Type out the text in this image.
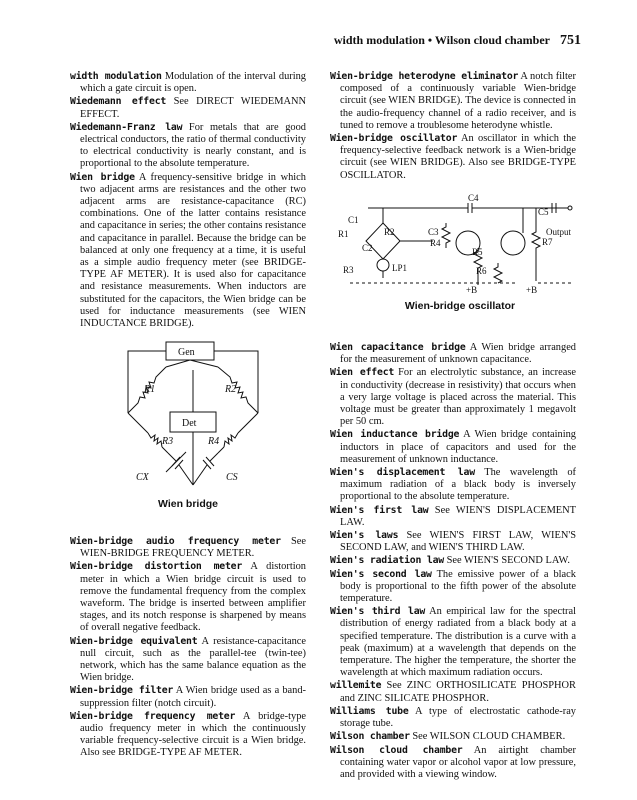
width modulation • Wilson cloud chamber 751

width modulation Modulation of the interval during which a gate circuit is open.

Wiedemann effect See DIRECT WIEDEMANN EFFECT.

Wiedemann-Franz law For metals that are good electrical conductors, the ratio of thermal conductivity to electrical conductivity is nearly constant, and is proportional to the absolute temperature.

Wien bridge A frequency-sensitive bridge in which two adjacent arms are resistances and the other two adjacent arms are resistance-capacitance (RC) combinations. One of the latter contains resistance and capacitance in series; the other contains resistance and capacitance in parallel. Because the bridge can be balanced at only one frequency at a time, it is useful as a simple audio frequency meter (see BRIDGE-TYPE AF METER). It is used also for capacitance and resistance measurements. When inductors are substituted for the capacitors, the Wien bridge can be used for inductance measurements (see WIEN INDUCTANCE BRIDGE).

Gen
Det
R1	R2
R3	R4
CX	CS
Wien bridge

Wien-bridge audio frequency meter See WIEN-BRIDGE FREQUENCY METER.

Wien-bridge distortion meter A distortion meter in which a Wien bridge circuit is used to remove the fundamental frequency from the complex waveform. The bridge is inserted between amplifier stages, and its notch response is sharpened by means of overall negative feedback.

Wien-bridge equivalent A resistance-capacitance null circuit, such as the parallel-tee (twin-tee) network, which has the same balance equation as the Wien bridge.

Wien-bridge filter A Wien bridge used as a band-suppression filter (notch circuit).

Wien-bridge frequency meter A bridge-type audio frequency meter in which the continuously variable frequency-selective circuit is a Wien bridge. Also see BRIDGE-TYPE AF METER.

Wien-bridge heterodyne eliminator A notch filter composed of a continuously variable Wien-bridge circuit (see WIEN BRIDGE). The device is connected in the audio-frequency channel of a radio receiver, and is tuned to remove a troublesome heterodyne whistle.

Wien-bridge oscillator An oscillator in which the frequency-selective feedback network is a Wien-bridge circuit (see WIEN BRIDGE). Also see BRIDGE-TYPE OSCILLATOR.

C4
C5
C1
R1	R2
C2
R3	LP1
C3
R4
R5
R6
R7
Output
+B	+B
Wien-bridge oscillator

Wien capacitance bridge A Wien bridge arranged for the measurement of unknown capacitance.

Wien effect For an electrolytic substance, an increase in conductivity (decrease in resistivity) that occurs when a very large voltage is placed across the material. This voltage must be greater than approximately 1 megavolt per 50 cm.

Wien inductance bridge A Wien bridge containing inductors in place of capacitors and used for the measurement of unknown inductance.

Wien's displacement law The wavelength of maximum radiation of a black body is inversely proportional to the absolute temperature.

Wien's first law See WIEN'S DISPLACEMENT LAW.

Wien's laws See WIEN'S FIRST LAW, WIEN'S SECOND LAW, and WIEN'S THIRD LAW.

Wien's radiation law See WIEN'S SECOND LAW.

Wien's second law The emissive power of a black body is proportional to the fifth power of the absolute temperature.

Wien's third law An empirical law for the spectral distribution of energy radiated from a black body at a specified temperature. The distribution is a curve with a peak (maximum) at a wavelength that depends on the temperature. The higher the temperature, the shorter the wavelength at which maximum radiation occurs.

willemite See ZINC ORTHOSILICATE PHOSPHOR and ZINC SILICATE PHOSPHOR.

Williams tube A type of electrostatic cathode-ray storage tube.

Wilson chamber See WILSON CLOUD CHAMBER.

Wilson cloud chamber An airtight chamber containing water vapor or alcohol vapor at low pressure, and provided with a viewing window.
